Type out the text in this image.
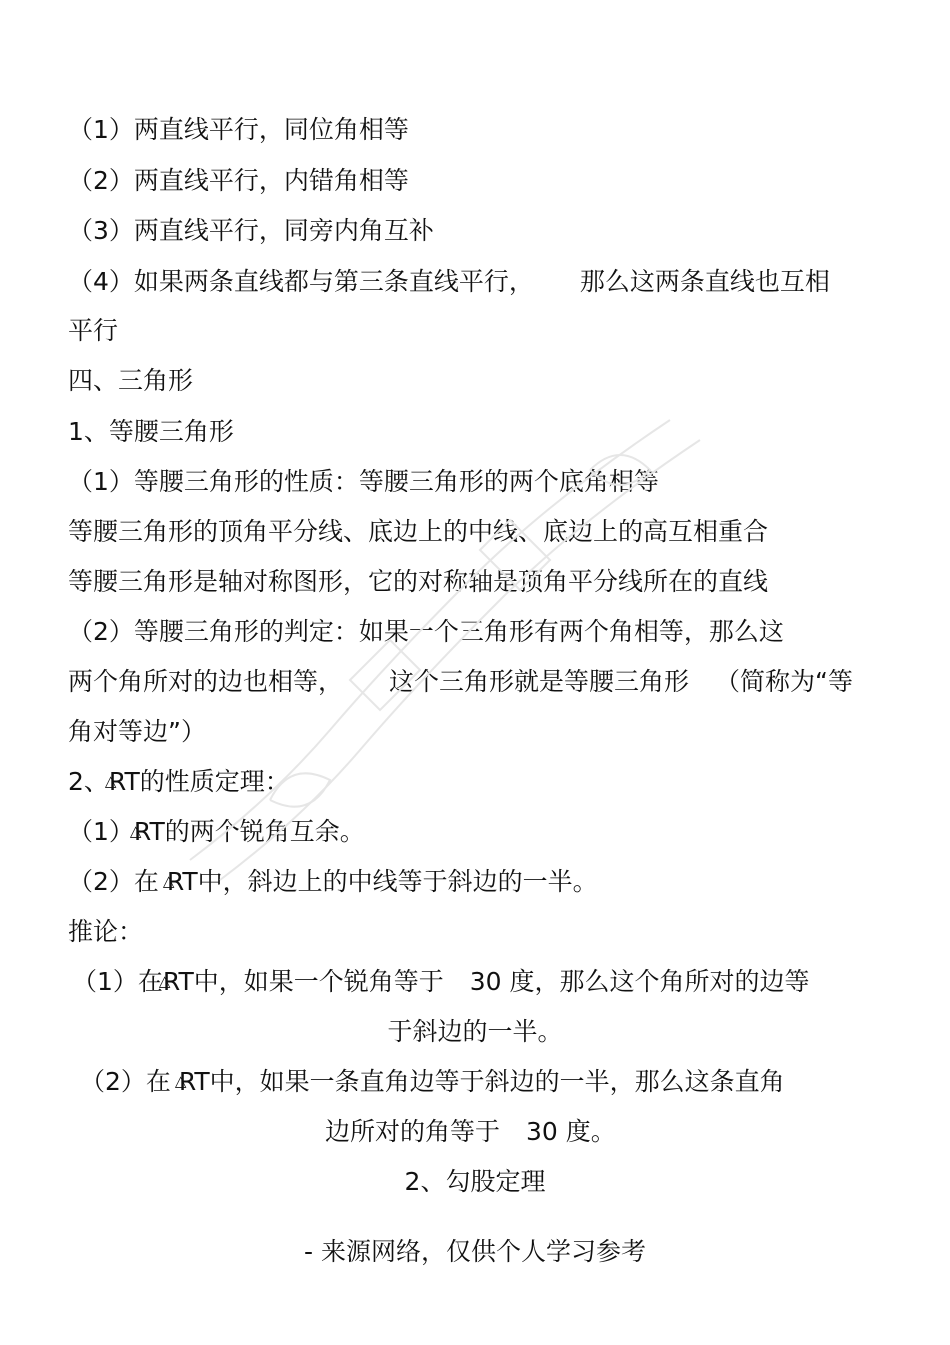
（1）两直线平行，同位角相等
（2）两直线平行，内错角相等
（3）两直线平行，同旁内角互补
（4）如果两条直线都与第三条直线平行， 那么这两条直线也互相
平行
四、三角形
1、等腰三角形
（1）等腰三角形的性质：等腰三角形的两个底角相等
等腰三角形的顶角平分线、底边上的中线、底边上的高互相重合
等腰三角形是轴对称图形，它的对称轴是顶角平分线所在的直线
（2）等腰三角形的判定：如果一个三角形有两个角相等，那么这
两个角所对的边也相等， 这个三角形就是等腰三角形 （简称为“等
角对等边”）
2、RT的性质定理：
（1）RT的两个锐角互余。
（2）在 RT中，斜边上的中线等于斜边的一半。
推论：
（1）在RT中，如果一个锐角等于 30 度，那么这个角所对的边等
于斜边的一半。
（2）在 RT中，如果一条直角边等于斜边的一半，那么这条直角
边所对的角等于 30 度。
2、勾股定理
- 来源网络，仅供个人学习参考
